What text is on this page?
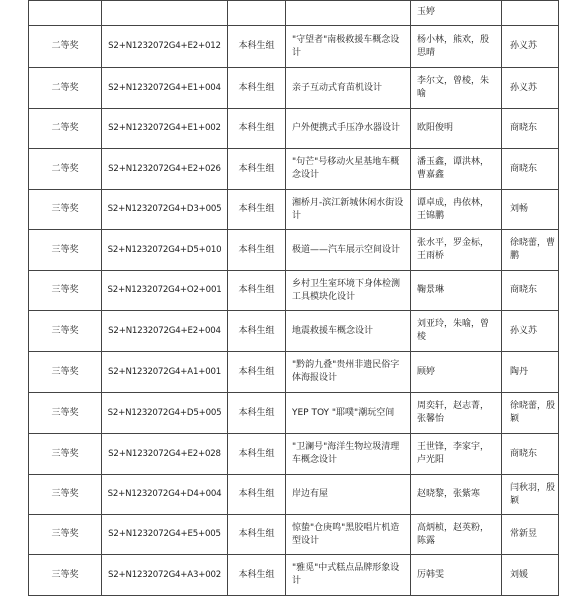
				玉婷	
二等奖	S2+N1232072G4+E2+012	本科生组	"守望者"南极救援车概念设计	杨小林，熊欢，殷思晴	孙义苏
二等奖	S2+N1232072G4+E1+004	本科生组	亲子互动式育苗机设计	李尔文，曾棱，朱喻	孙义苏
二等奖	S2+N1232072G4+E1+002	本科生组	户外便携式手压净水器设计	欧阳俊明	商晓东
二等奖	S2+N1232072G4+E2+026	本科生组	"句芒"号移动火星基地车概念设计	潘玉鑫，谭洪林，曹嘉鑫	商晓东
三等奖	S2+N1232072G4+D3+005	本科生组	湘桥月-滨江新城休闲水街设计	谭卓成，冉依林，王锦鹏	刘畅
三等奖	S2+N1232072G4+D5+010	本科生组	极道——汽车展示空间设计	张水平，罗金标，王雨桥	徐晓蕾，曹鹏
三等奖	S2+N1232072G4+O2+001	本科生组	乡村卫生室环境下身体检测工具模块化设计	鞠景琳	商晓东
三等奖	S2+N1232072G4+E2+004	本科生组	地震救援车概念设计	刘亚玲，朱喻，曾棱	孙义苏
三等奖	S2+N1232072G4+A1+001	本科生组	"黔韵九叠"贵州非遗民俗字体海报设计	顾婷	陶丹
三等奖	S2+N1232072G4+D5+005	本科生组	YEP TOY "耶噗"潮玩空间	周奕轩，赵志菁，张馨怡	徐晓蕾，殷颖
三等奖	S2+N1232072G4+E2+028	本科生组	"卫澜号"海洋生物垃圾清理车概念设计	王世锋，李家宇，卢光阳	商晓东
三等奖	S2+N1232072G4+D4+004	本科生组	岸边有屋	赵晓黎，张紫寒	闫秋羽，殷颖
三等奖	S2+N1232072G4+E5+005	本科生组	惊蛰"仓庚鸣"黑胶唱片机造型设计	高炳桢，赵英粉，陈露	常新昱
三等奖	S2+N1232072G4+A3+002	本科生组	"雅觅"中式糕点品牌形象设计	厉韩雯	刘媛
